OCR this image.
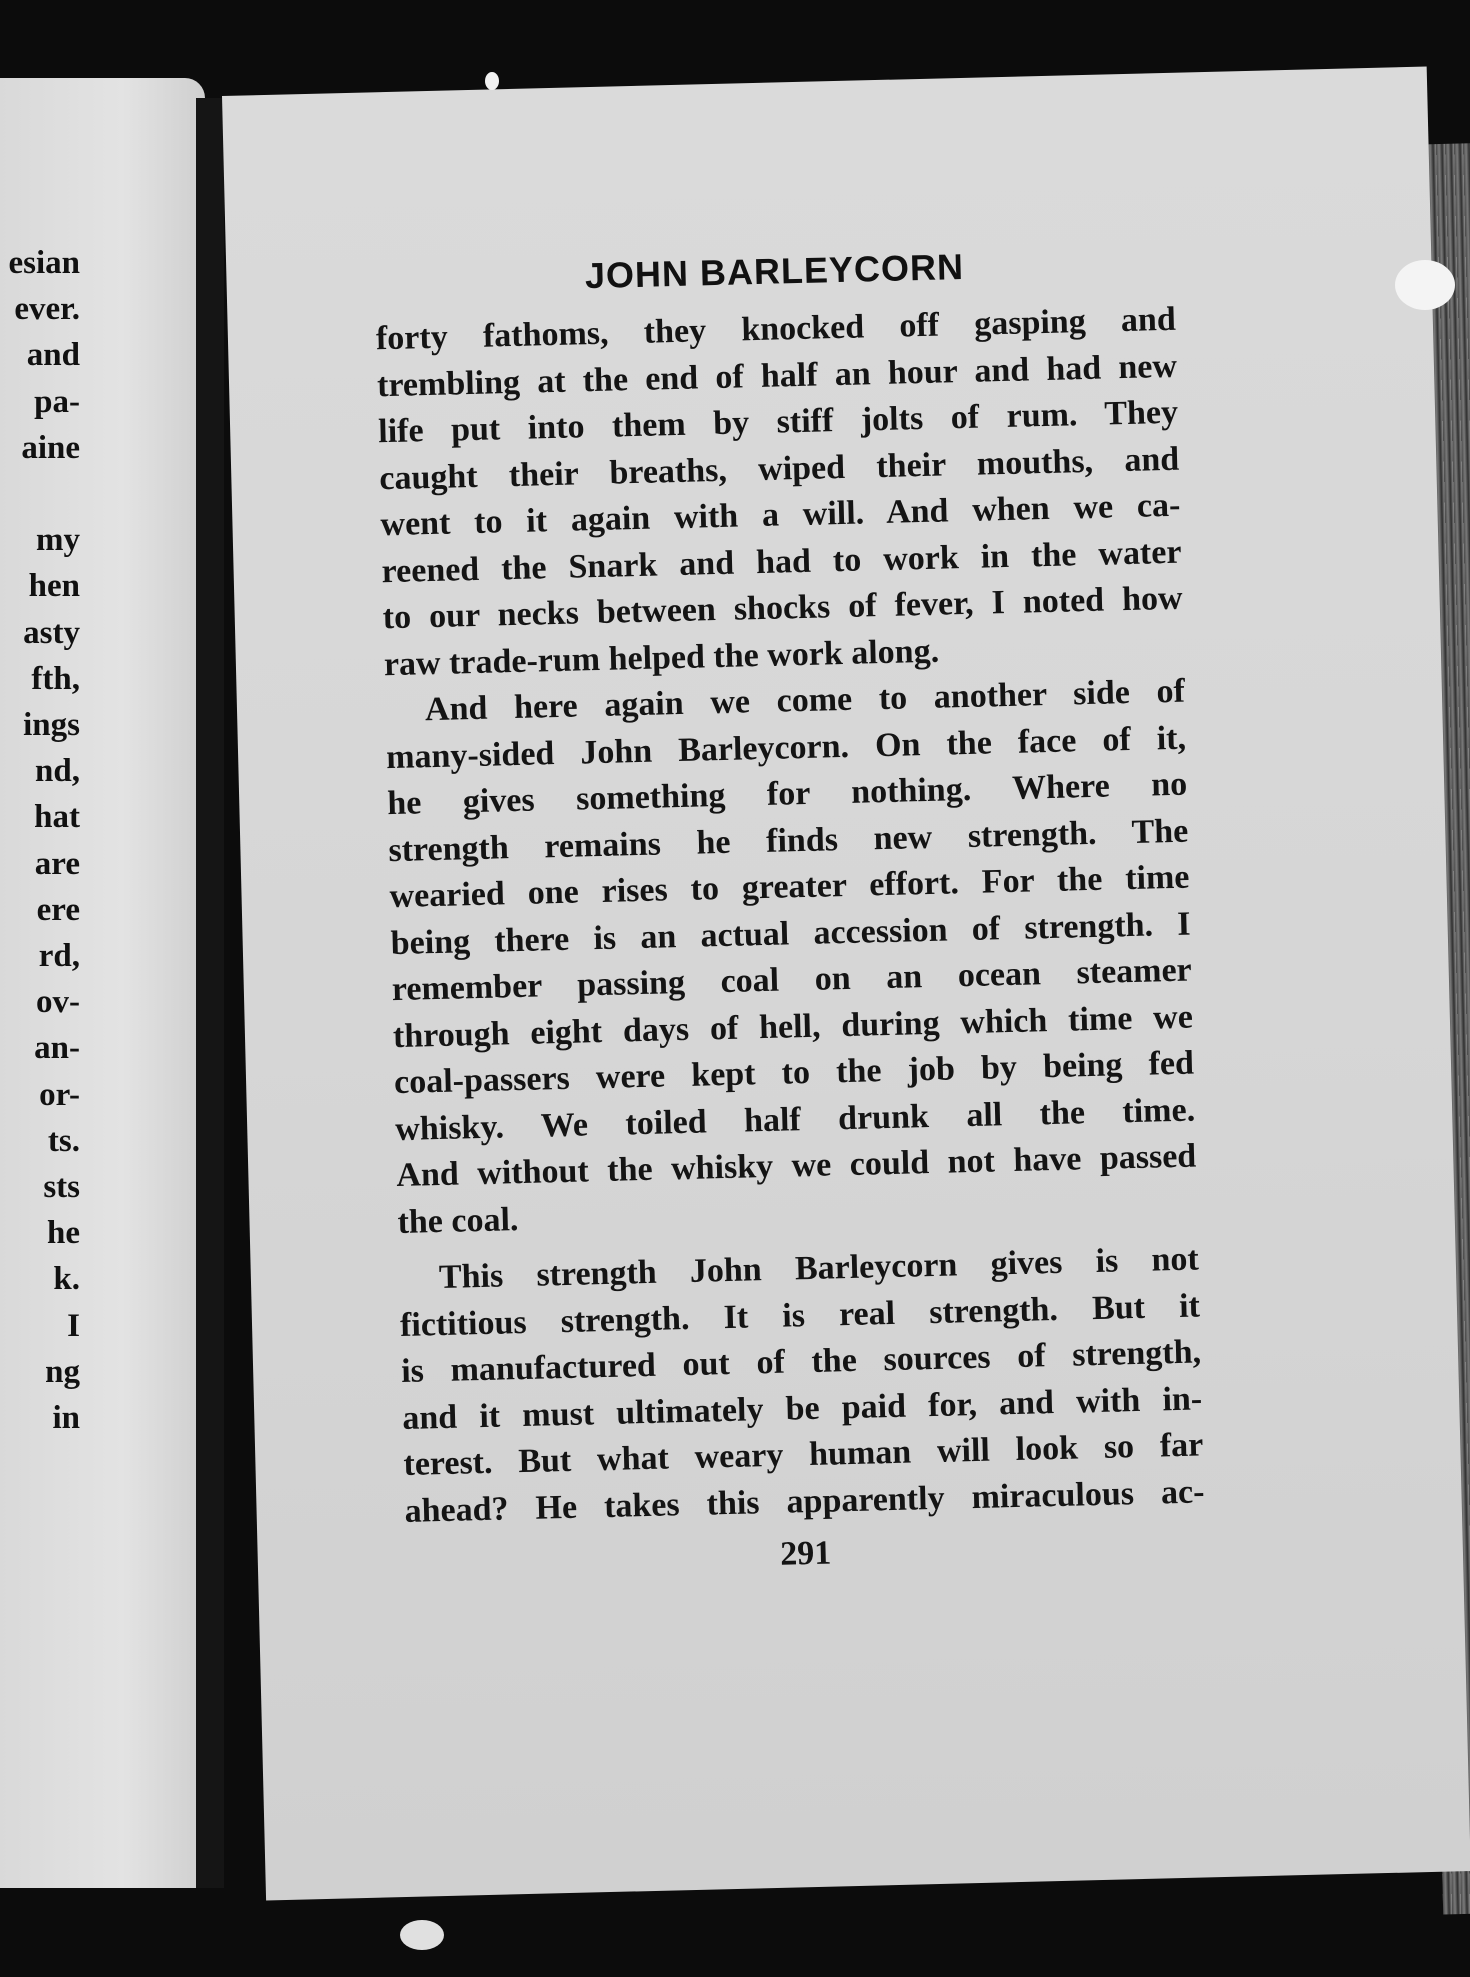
esian
ever.
and
pa-
aine
my
hen
asty
fth,
ings
nd,
hat
are
ere
rd,
ov-
an-
or-
ts.
sts
he
k.
I
ng
in
JOHN BARLEYCORN
forty fathoms, they knocked off gasping and
trembling at the end of half an hour and had new
life put into them by stiff jolts of rum. They
caught their breaths, wiped their mouths, and
went to it again with a will. And when we ca-
reened the Snark and had to work in the water
to our necks between shocks of fever, I noted how
raw trade-rum helped the work along.
And here again we come to another side of
many-sided John Barleycorn. On the face of it,
he gives something for nothing. Where no
strength remains he finds new strength. The
wearied one rises to greater effort. For the time
being there is an actual accession of strength. I
remember passing coal on an ocean steamer
through eight days of hell, during which time we
coal-passers were kept to the job by being fed
whisky. We toiled half drunk all the time.
And without the whisky we could not have passed
the coal.
This strength John Barleycorn gives is not
fictitious strength. It is real strength. But it
is manufactured out of the sources of strength,
and it must ultimately be paid for, and with in-
terest. But what weary human will look so far
ahead? He takes this apparently miraculous ac-
291
